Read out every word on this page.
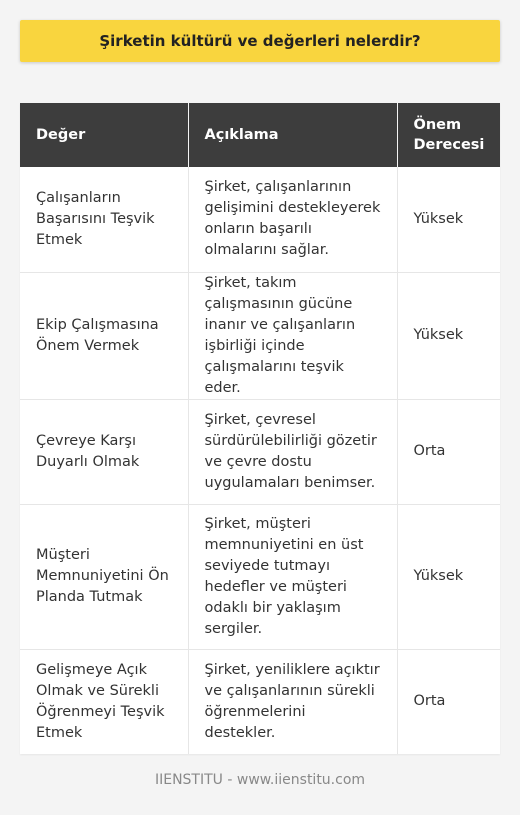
Şirketin kültürü ve değerleri nelerdir?
Değer	Açıklama	Önem Derecesi
Çalışanların Başarısını Teşvik Etmek	Şirket, çalışanlarının gelişimini destekleyerek onların başarılı olmalarını sağlar.	Yüksek
Ekip Çalışmasına Önem Vermek	Şirket, takım çalışmasının gücüne inanır ve çalışanların işbirliği içinde çalışmalarını teşvik eder.	Yüksek
Çevreye Karşı Duyarlı Olmak	Şirket, çevresel sürdürülebilirliği gözetir ve çevre dostu uygulamaları benimser.	Orta
Müşteri Memnuniyetini Ön Planda Tutmak	Şirket, müşteri memnuniyetini en üst seviyede tutmayı hedefler ve müşteri odaklı bir yaklaşım sergiler.	Yüksek
Gelişmeye Açık Olmak ve Sürekli Öğrenmeyi Teşvik Etmek	Şirket, yeniliklere açıktır ve çalışanlarının sürekli öğrenmelerini destekler.	Orta
IIENSTITU - www.iienstitu.com
